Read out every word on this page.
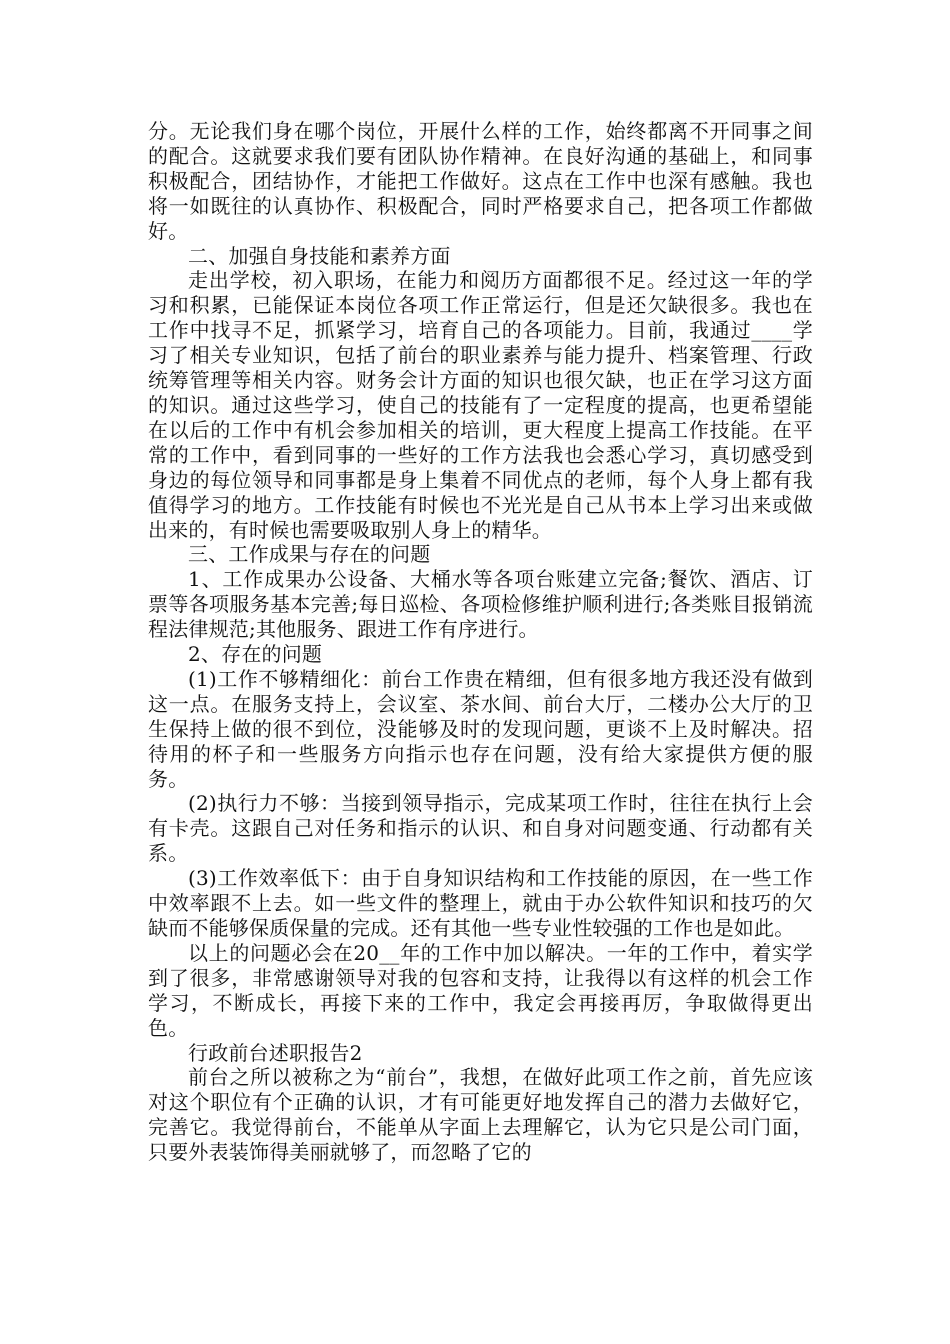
分。无论我们身在哪个岗位，开展什么样的工作，始终都离不开同事之间的配合。这就要求我们要有团队协作精神。在良好沟通的基础上，和同事积极配合，团结协作，才能把工作做好。这点在工作中也深有感触。我也将一如既往的认真协作、积极配合，同时严格要求自己，把各项工作都做好。

二、加强自身技能和素养方面

走出学校，初入职场，在能力和阅历方面都很不足。经过这一年的学习和积累，已能保证本岗位各项工作正常运行，但是还欠缺很多。我也在工作中找寻不足，抓紧学习，培育自己的各项能力。目前，我通过____学习了相关专业知识，包括了前台的职业素养与能力提升、档案管理、行政统筹管理等相关内容。财务会计方面的知识也很欠缺，也正在学习这方面的知识。通过这些学习，使自己的技能有了一定程度的提高，也更希望能在以后的工作中有机会参加相关的培训，更大程度上提高工作技能。在平常的工作中，看到同事的一些好的工作方法我也会悉心学习，真切感受到身边的每位领导和同事都是身上集着不同优点的老师，每个人身上都有我值得学习的地方。工作技能有时候也不光光是自己从书本上学习出来或做出来的，有时候也需要吸取别人身上的精华。

三、工作成果与存在的问题

1、工作成果办公设备、大桶水等各项台账建立完备;餐饮、酒店、订票等各项服务基本完善;每日巡检、各项检修维护顺利进行;各类账目报销流程法律规范;其他服务、跟进工作有序进行。

2、存在的问题

(1)工作不够精细化：前台工作贵在精细，但有很多地方我还没有做到这一点。在服务支持上，会议室、茶水间、前台大厅，二楼办公大厅的卫生保持上做的很不到位，没能够及时的发现问题，更谈不上及时解决。招待用的杯子和一些服务方向指示也存在问题，没有给大家提供方便的服务。

(2)执行力不够：当接到领导指示，完成某项工作时，往往在执行上会有卡壳。这跟自己对任务和指示的认识、和自身对问题变通、行动都有关系。

(3)工作效率低下：由于自身知识结构和工作技能的原因，在一些工作中效率跟不上去。如一些文件的整理上，就由于办公软件知识和技巧的欠缺而不能够保质保量的完成。还有其他一些专业性较强的工作也是如此。

以上的问题必会在20__年的工作中加以解决。一年的工作中，着实学到了很多，非常感谢领导对我的包容和支持，让我得以有这样的机会工作学习，不断成长，再接下来的工作中，我定会再接再厉，争取做得更出色。

行政前台述职报告2

前台之所以被称之为“前台”，我想，在做好此项工作之前，首先应该对这个职位有个正确的认识，才有可能更好地发挥自己的潜力去做好它，完善它。我觉得前台，不能单从字面上去理解它，认为它只是公司门面，只要外表装饰得美丽就够了，而忽略了它的
